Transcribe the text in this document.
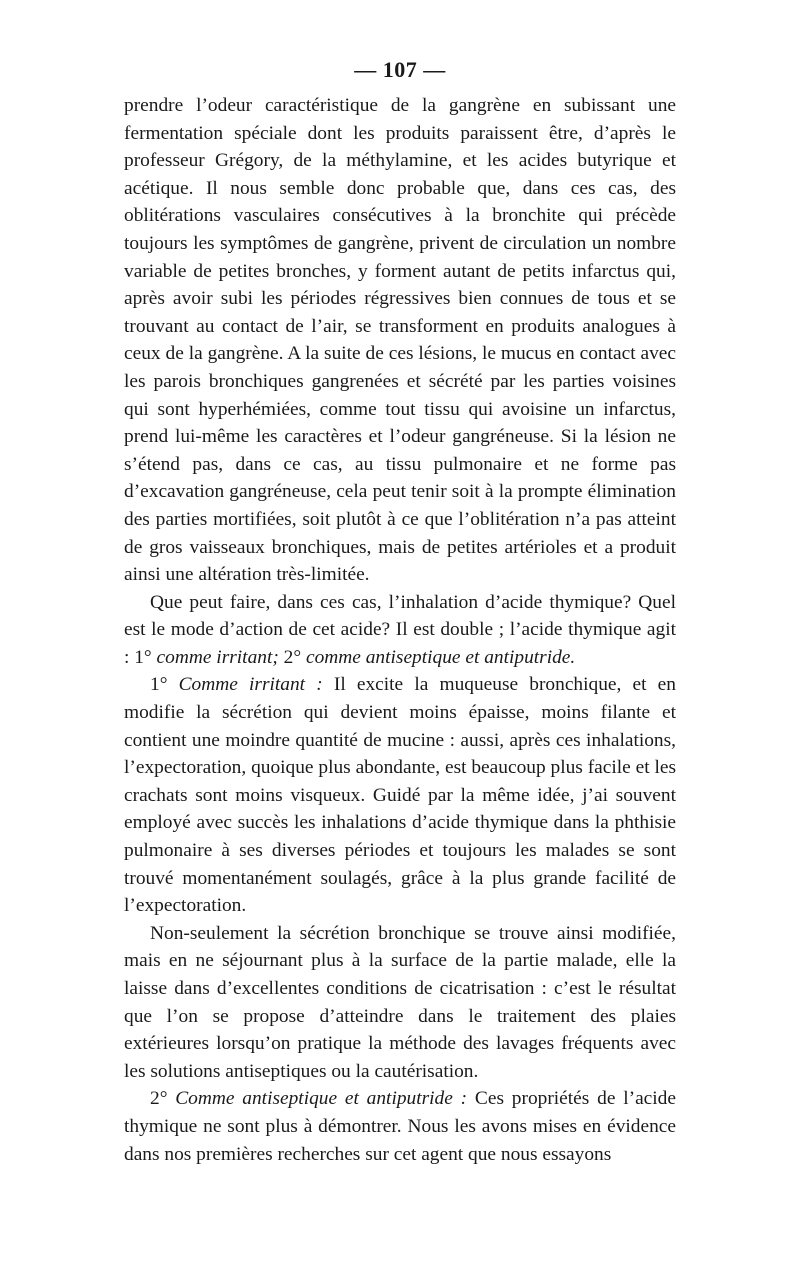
— 107 —

prendre l’odeur caractéristique de la gangrène en subissant une fermentation spéciale dont les produits paraissent être, d’après le professeur Grégory, de la méthylamine, et les acides butyrique et acétique. Il nous semble donc probable que, dans ces cas, des oblitérations vasculaires consécutives à la bronchite qui précède toujours les symptômes de gangrène, privent de circulation un nombre variable de petites bronches, y forment autant de petits infarctus qui, après avoir subi les périodes régressives bien connues de tous et se trouvant au contact de l’air, se transforment en produits analogues à ceux de la gangrène. A la suite de ces lésions, le mucus en contact avec les parois bronchiques gangrenées et sécrété par les parties voisines qui sont hyperhémiées, comme tout tissu qui avoisine un infarctus, prend lui-même les caractères et l’odeur gangréneuse. Si la lésion ne s’étend pas, dans ce cas, au tissu pulmonaire et ne forme pas d’excavation gangréneuse, cela peut tenir soit à la prompte élimination des parties mortifiées, soit plutôt à ce que l’oblitération n’a pas atteint de gros vaisseaux bronchiques, mais de petites artérioles et a produit ainsi une altération très-limitée.

Que peut faire, dans ces cas, l’inhalation d’acide thymique? Quel est le mode d’action de cet acide? Il est double ; l’acide thymique agit : 1° comme irritant; 2° comme antiseptique et antiputride.

1° Comme irritant : Il excite la muqueuse bronchique, et en modifie la sécrétion qui devient moins épaisse, moins filante et contient une moindre quantité de mucine : aussi, après ces inhalations, l’expectoration, quoique plus abondante, est beaucoup plus facile et les crachats sont moins visqueux. Guidé par la même idée, j’ai souvent employé avec succès les inhalations d’acide thymique dans la phthisie pulmonaire à ses diverses périodes et toujours les malades se sont trouvé momentanément soulagés, grâce à la plus grande facilité de l’expectoration.

Non-seulement la sécrétion bronchique se trouve ainsi modifiée, mais en ne séjournant plus à la surface de la partie malade, elle la laisse dans d’excellentes conditions de cicatrisation : c’est le résultat que l’on se propose d’atteindre dans le traitement des plaies extérieures lorsqu’on pratique la méthode des lavages fréquents avec les solutions antiseptiques ou la cautérisation.

2° Comme antiseptique et antiputride : Ces propriétés de l’acide thymique ne sont plus à démontrer. Nous les avons mises en évidence dans nos premières recherches sur cet agent que nous essayons
